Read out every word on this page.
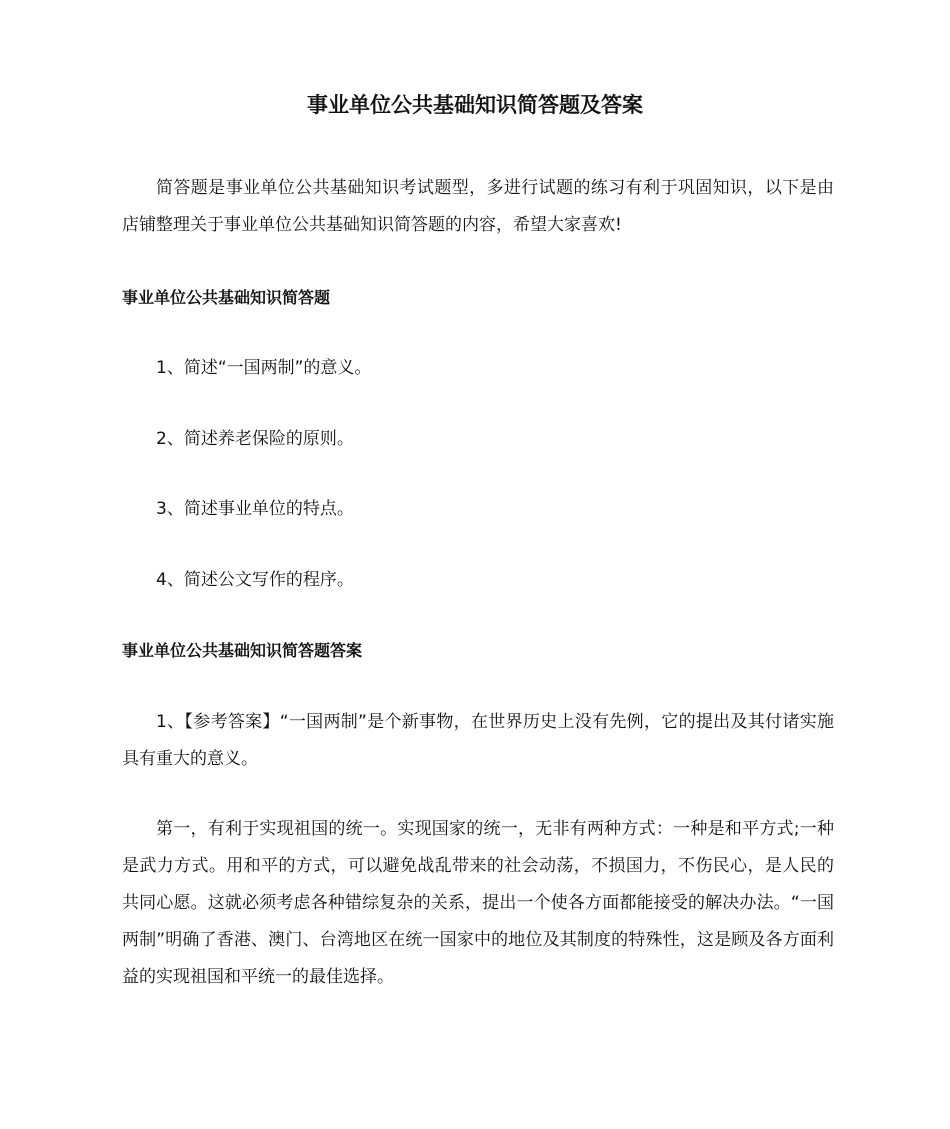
事业单位公共基础知识简答题及答案

简答题是事业单位公共基础知识考试题型，多进行试题的练习有利于巩固知识，以下是由店铺整理关于事业单位公共基础知识简答题的内容，希望大家喜欢!

事业单位公共基础知识简答题

1、简述“一国两制”的意义。

2、简述养老保险的原则。

3、简述事业单位的特点。

4、简述公文写作的程序。

事业单位公共基础知识简答题答案

1、【参考答案】“一国两制”是个新事物，在世界历史上没有先例，它的提出及其付诸实施具有重大的意义。

第一，有利于实现祖国的统一。实现国家的统一，无非有两种方式：一种是和平方式;一种是武力方式。用和平的方式，可以避免战乱带来的社会动荡，不损国力，不伤民心，是人民的共同心愿。这就必须考虑各种错综复杂的关系，提出一个使各方面都能接受的解决办法。“一国两制”明确了香港、澳门、台湾地区在统一国家中的地位及其制度的特殊性，这是顾及各方面利益的实现祖国和平统一的最佳选择。
